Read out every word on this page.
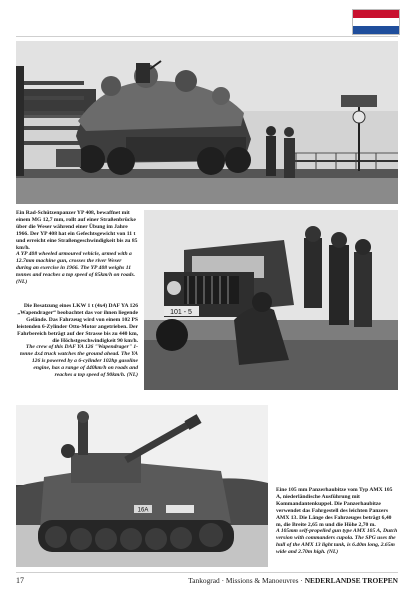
Ein Rad-Schützenpanzer YP 408, bewaffnet mit einem MG 12,7 mm, rollt auf einer Straßenbrücke über die Weser während einer Übung im Jahre 1966. Der YP 408 hat ein Gefechtsgewicht von 11 t und erreicht eine Straßengeschwindigkeit bis zu 85 km/h.

A YP 408 wheeled armoured vehicle, armed with a 12.7mm machine gun, crosses the river Weser during an exercise in 1966. The YP 408 weighs 11 tonnes and reaches a top speed of 85km/h on roads. (NL)

101 - 5

Die Besatzung eines LKW 1 t (4x4) DAF YA 126 „Wapendrager“ beobachtet das vor ihnen liegende Gelände. Das Fahrzeug wird von einem 102 PS leistenden 6-Zylinder Otto-Motor angetrieben. Der Fahrbereich beträgt auf der Strasse bis zu 440 km, die Höchstgeschwindigkeit 90 km/h.

The crew of this DAF YA 126 "Wapendrager" 1-tonne 4x4 truck watches the ground ahead. The YA 126 is powered by a 6-cylinder 102hp gasoline engine, has a range of 440km/h on roads and reaches a top speed of 90km/h. (NL)

16A

Eine 105 mm Panzerhaubitze vom Typ AMX 105 A, niederländische Ausführung mit Kommandantenkuppel. Die Panzerhaubitze verwendet das Fahrgestell des leichten Panzers AMX 13. Die Länge des Fahrzeuges beträgt 6,40 m, die Breite 2,65 m und die Höhe 2,70 m.

A 105mm self-propelled gun type AMX 105 A, Dutch version with commanders cupola. The SPG uses the hull of the AMX 13 light tank, is 6.40m long, 2.65m wide and 2.70m high. (NL)

17	Tankograd · Missions & Manoeuvres · NEDERLANDSE TROEPEN
